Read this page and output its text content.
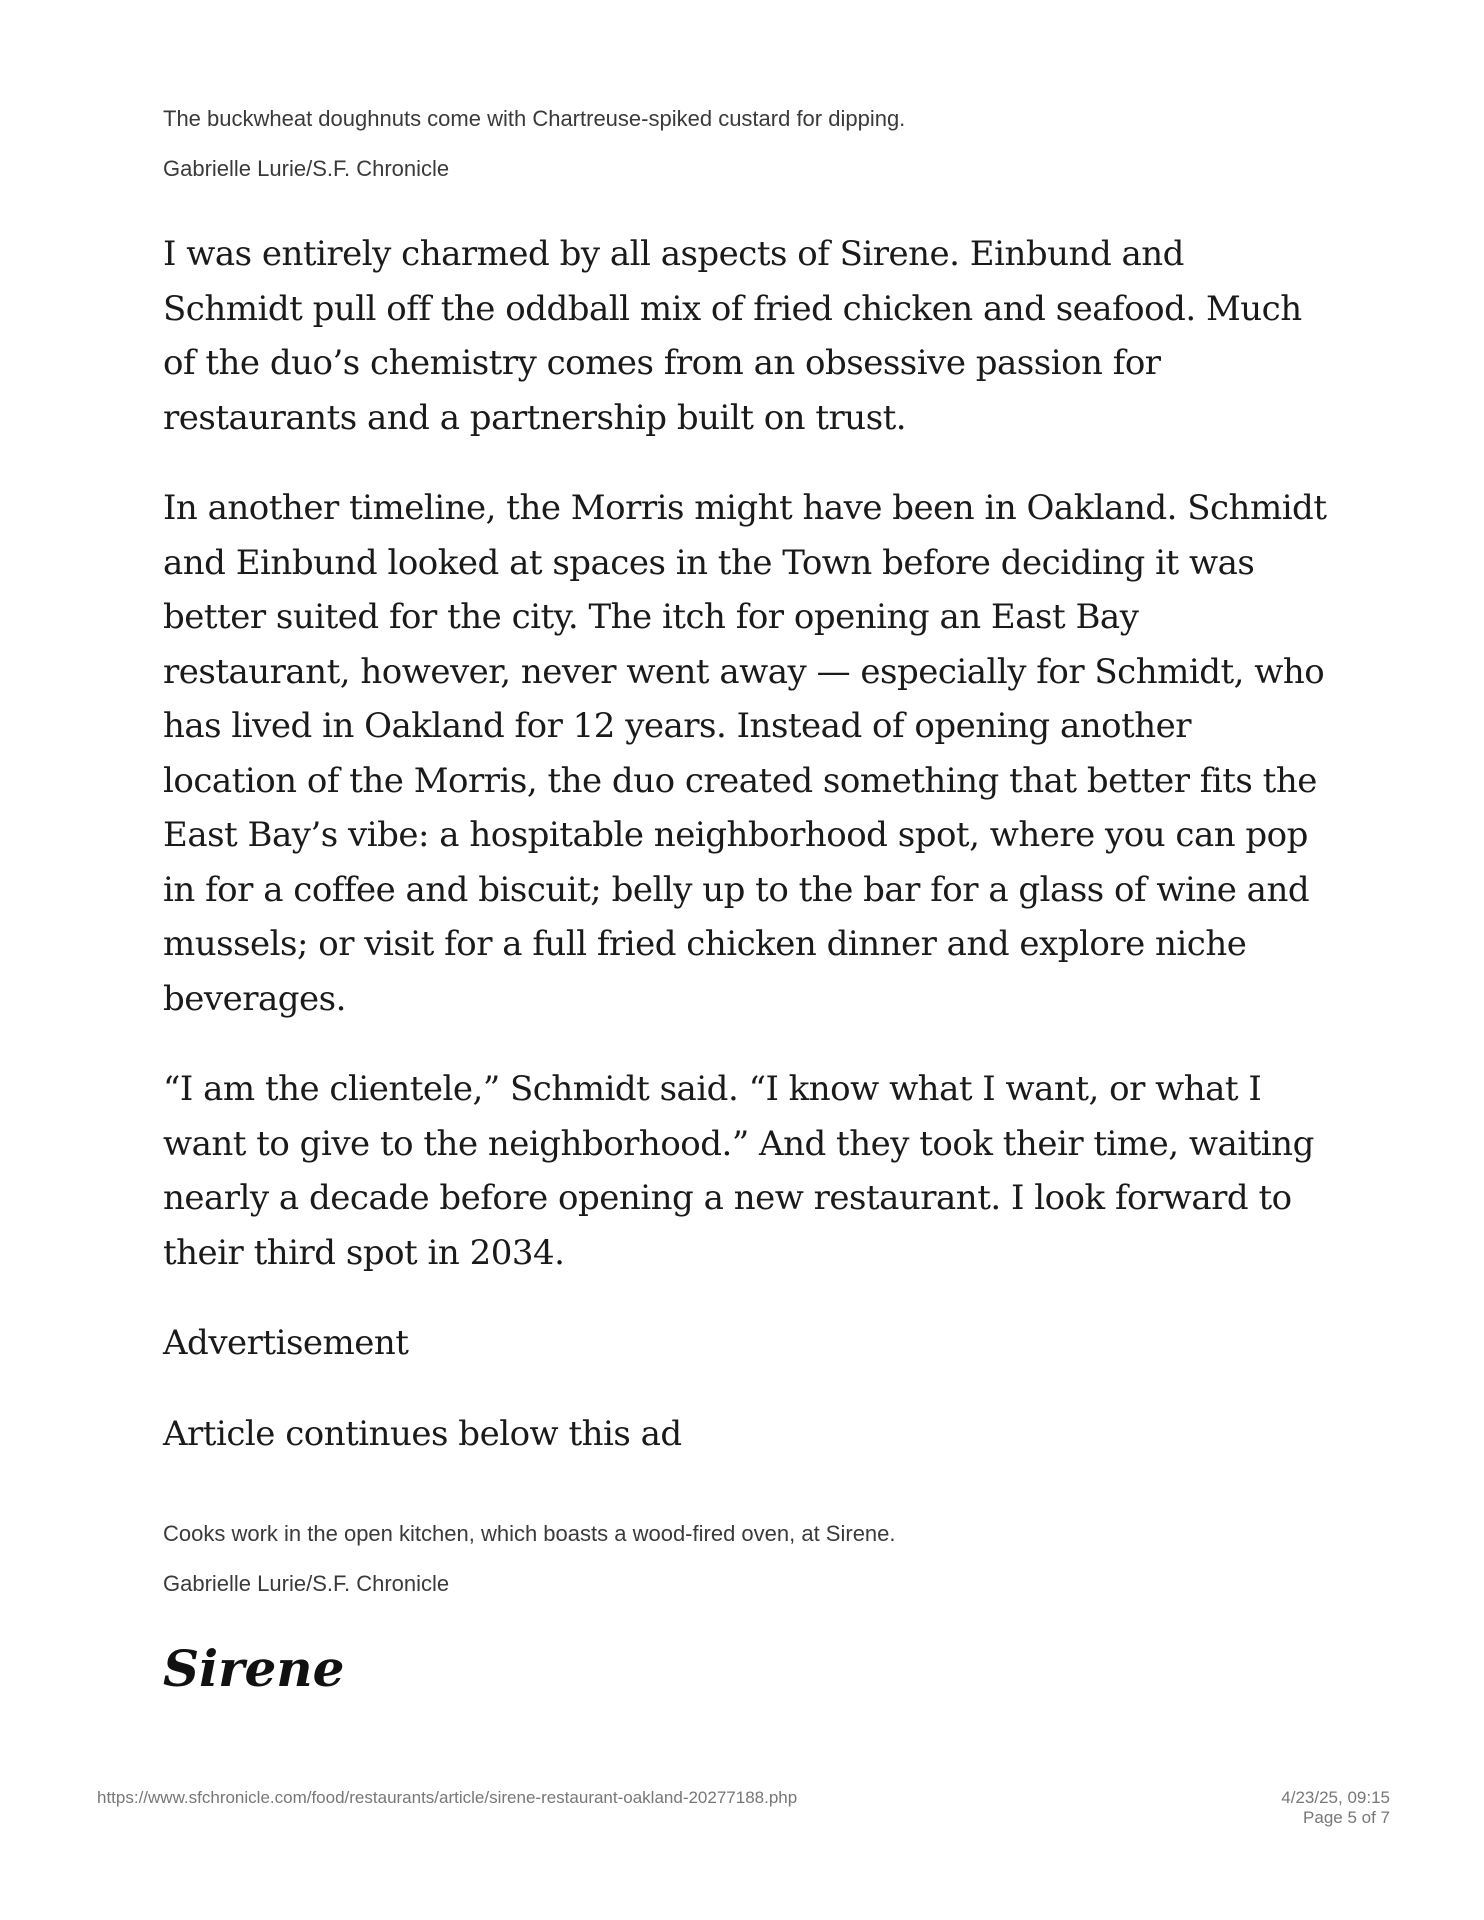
The buckwheat doughnuts come with Chartreuse-spiked custard for dipping.

Gabrielle Lurie/S.F. Chronicle

I was entirely charmed by all aspects of Sirene. Einbund and Schmidt pull off the oddball mix of fried chicken and seafood. Much of the duo’s chemistry comes from an obsessive passion for restaurants and a partnership built on trust.

In another timeline, the Morris might have been in Oakland. Schmidt and Einbund looked at spaces in the Town before deciding it was better suited for the city. The itch for opening an East Bay restaurant, however, never went away — especially for Schmidt, who has lived in Oakland for 12 years. Instead of opening another location of the Morris, the duo created something that better fits the East Bay’s vibe: a hospitable neighborhood spot, where you can pop in for a coffee and biscuit; belly up to the bar for a glass of wine and mussels; or visit for a full fried chicken dinner and explore niche beverages.

“I am the clientele,” Schmidt said. “I know what I want, or what I want to give to the neighborhood.” And they took their time, waiting nearly a decade before opening a new restaurant. I look forward to their third spot in 2034.

Advertisement

Article continues below this ad

Cooks work in the open kitchen, which boasts a wood-fired oven, at Sirene.

Gabrielle Lurie/S.F. Chronicle

Sirene
https://www.sfchronicle.com/food/restaurants/article/sirene-restaurant-oakland-20277188.php	4/23/25, 09:15
Page 5 of 7
